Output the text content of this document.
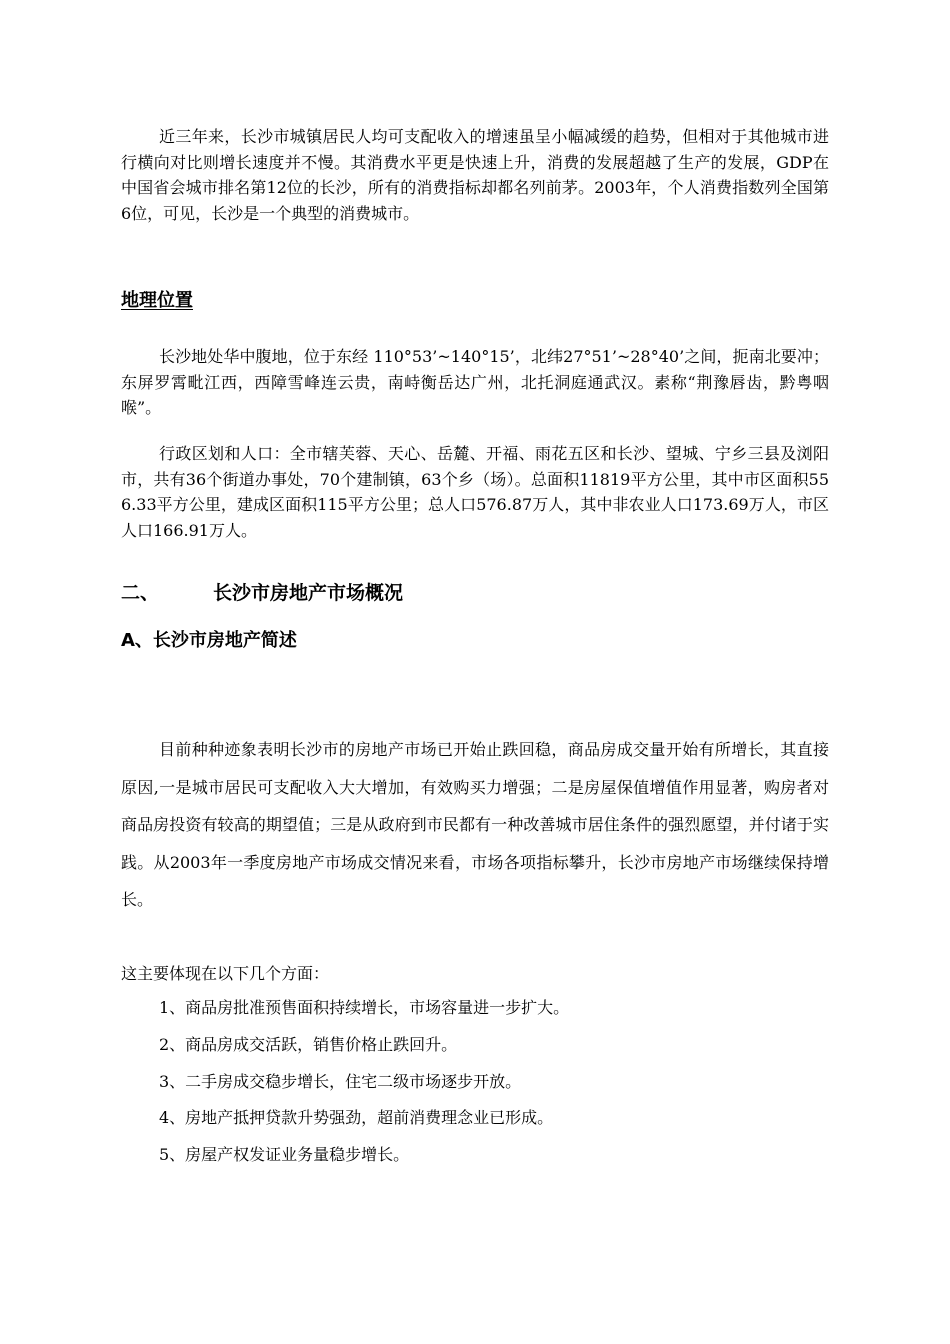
近三年来，长沙市城镇居民人均可支配收入的增速虽呈小幅减缓的趋势，但相对于其他城市进行横向对比则增长速度并不慢。其消费水平更是快速上升，消费的发展超越了生产的发展，GDP在中国省会城市排名第12位的长沙，所有的消费指标却都名列前茅。2003年，个人消费指数列全国第6位，可见，长沙是一个典型的消费城市。

地理位置

长沙地处华中腹地，位于东经 110°53’~140°15’，北纬27°51’~28°40’之间，扼南北要冲；东屏罗霄毗江西，西障雪峰连云贵，南峙衡岳达广州，北托洞庭通武汉。素称“荆豫唇齿，黔粤咽喉”。

行政区划和人口：全市辖芙蓉、天心、岳麓、开福、雨花五区和长沙、望城、宁乡三县及浏阳市，共有36个街道办事处，70个建制镇，63个乡（场）。总面积11819平方公里，其中市区面积556.33平方公里，建成区面积115平方公里；总人口576.87万人，其中非农业人口173.69万人，市区人口166.91万人。

二、	长沙市房地产市场概况
A、长沙市房地产简述

目前种种迹象表明长沙市的房地产市场已开始止跌回稳，商品房成交量开始有所增长，其直接原因,一是城市居民可支配收入大大增加，有效购买力增强；二是房屋保值增值作用显著，购房者对商品房投资有较高的期望值；三是从政府到市民都有一种改善城市居住条件的强烈愿望，并付诸于实践。从2003年一季度房地产市场成交情况来看，市场各项指标攀升，长沙市房地产市场继续保持增长。

这主要体现在以下几个方面：
1、商品房批准预售面积持续增长，市场容量进一步扩大。
2、商品房成交活跃，销售价格止跌回升。
3、二手房成交稳步增长，住宅二级市场逐步开放。
4、房地产抵押贷款升势强劲，超前消费理念业已形成。
5、房屋产权发证业务量稳步增长。
